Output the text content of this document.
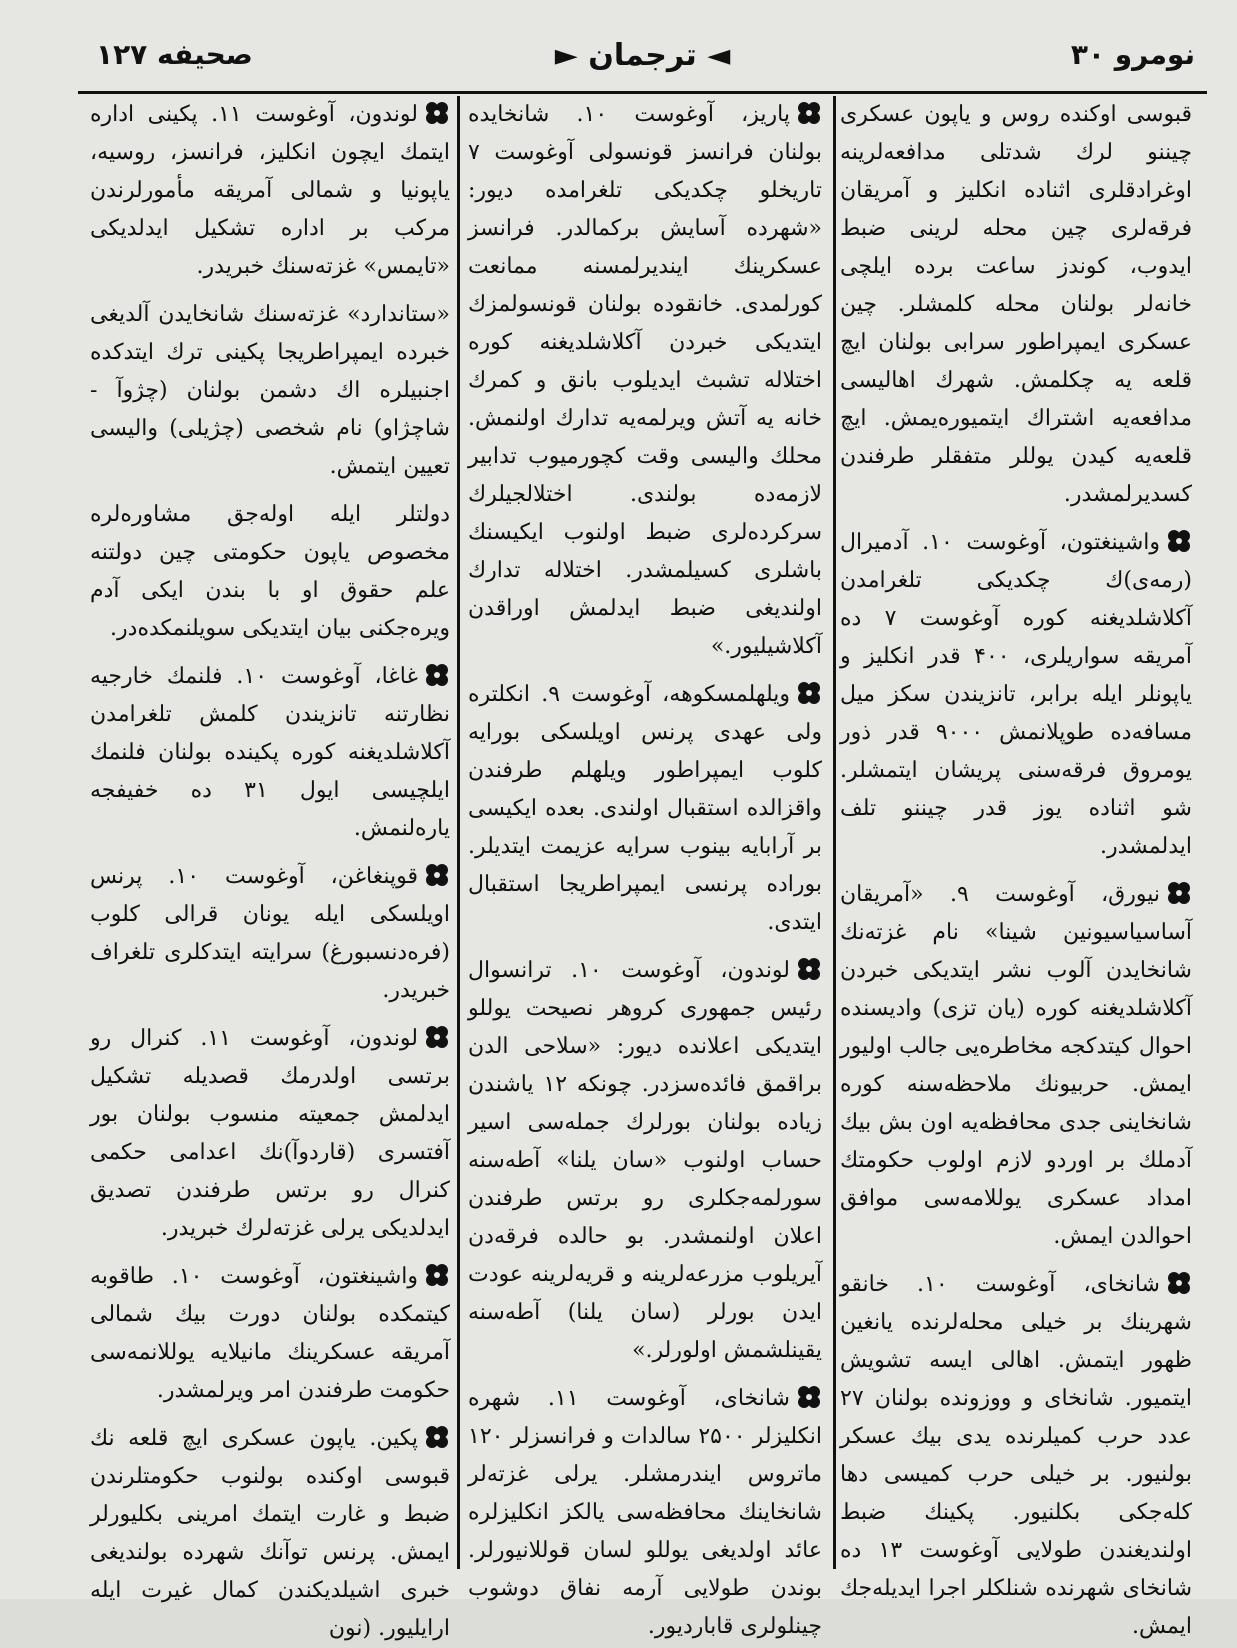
صحيفه ۱۲۷	◄ ترجمان ►	نومرو ۳۰

قبوسی اوکنده روس و یاپون عسکری چیننو لرك شدتلی مدافعه‌لرینه اوغرادقلری اثناده انکلیز و آمریقان فرقه‌لری چین محله لرینی ضبط ایدوب، کوندز ساعت برده ایلچی خانه‌لر بولنان محله کلمشلر. چین عسکری ایمپراطور سرابی بولنان ایچ قلعه یه چکلمش. شهرك اهالیسی مدافعه‌یه اشتراك ایتمیوره‌یمش. ایچ قلعه‌یه کیدن یوللر متفقلر طرفندن کسدیرلمشدر.

واشینغتون، آوغوست ۱۰. آدمیرال (رمه‌ی)ك چکدیکی تلغرامدن آکلاشلدیغنه کوره آوغوست ۷ ده آمریقه سواریلری، ۴۰۰ قدر انکلیز و یاپونلر ایله برابر، تانزیندن سکز میل مسافه‌ده طوپلانمش ۹۰۰۰ قدر ذور یومروق فرقه‌سنی پریشان ایتمشلر. شو اثناده یوز قدر چیننو تلف ایدلمشدر.

نیورق، آوغوست ۹. «آمریقان آساسیاسیونین شینا» نام غزته‌نك شانخایدن آلوب نشر ایتدیکی خبردن آکلاشلدیغنه کوره (یان تزی) وادیسنده احوال کیتدکجه مخاطره‌یی جالب اولیور ایمش. حربیونك ملاحظه‌سنه کوره شانخاینی جدی محافظه‌یه اون بش بیك آدملك بر اوردو لازم اولوب حکومتك امداد عسکری یوللامه‌سی موافق احوالدن ایمش.

شانخای، آوغوست ۱۰. خانقو شهرینك بر خیلی محله‌لرنده یانغین ظهور ایتمش. اهالی ایسه تشویش ایتمیور. شانخای و ووزونده بولنان ۲۷ عدد حرب کمیلرنده یدی بیك عسکر بولنیور. بر خیلی حرب کمیسی دها کله‌جکی بکلنیور. پکینك ضبط اولندیغندن طولایی آوغوست ۱۳ ده شانخای شهرنده شنلکلر اجرا ایدیله‌جك ایمش.

پاریز، آوغوست ۱۰. شانخایده بولنان فرانسز قونسولی آوغوست ۷ تاریخلو چکدیکی تلغرامده دیور: «شهرده آسایش برکمالدر. فرانسز عسکرینك ایندیرلمسنه ممانعت کورلمدی. خانقوده بولنان قونسولمزك ایتدیکی خبردن آکلاشلدیغنه کوره اختلاله تشبث ایدیلوب بانق و کمرك خانه یه آتش ویرلمه‌یه تدارك اولنمش. محلك والیسی وقت کچورمیوب تدابیر لازمه‌ده بولندی. اختلالجیلرك سرکرده‌لری ضبط اولنوب ایکیسنك باشلری کسیلمشدر. اختلاله تدارك اولندیغی ضبط ایدلمش اوراقدن آکلاشیلیور.»

ویلهلمسکوهه، آوغوست ۹. انکلتره ولی عهدی پرنس اویلسکی بورایه کلوب ایمپراطور ویلهلم طرفندن واقزالده استقبال اولندی. بعده ایکیسی بر آرابایه بینوب سرایه عزیمت ایتدیلر. بوراده پرنسی ایمپراطریجا استقبال ایتدی.

لوندون، آوغوست ۱۰. ترانسوال رئیس جمهوری کروهر نصیحت یوللو ایتدیکی اعلانده دیور: «سلاحی الدن براقمق فائده‌سزدر. چونکه ۱۲ یاشندن زیاده بولنان بورلرك جمله‌سی اسیر حساب اولنوب «سان یلنا» آطه‌سنه سورلمه‌جکلری رو برتس طرفندن اعلان اولنمشدر. بو حالده فرقه‌دن آیریلوب مزرعه‌لرینه و قریه‌لرینه عودت ایدن بورلر (سان یلنا) آطه‌سنه یقینلشمش اولورلر.»

شانخای، آوغوست ۱۱. شهره انکلیزلر ۲۵۰۰ سالدات و فرانسزلر ۱۲۰ ماتروس ایندرمشلر. یرلی غزته‌لر شانخاینك محافظه‌سی یالکز انکلیزلره عائد اولدیغی یوللو لسان قوللانیورلر. بوندن طولایی آرمه نفاق دوشوب چینلولری قاباردیور.

لوندون، آوغوست ۱۱. پکینی اداره ایتمك ایچون انکلیز، فرانسز، روسیه، یاپونیا و شمالی آمریقه مأمورلرندن مرکب بر اداره تشکیل ایدلدیکی «تایمس» غزته‌سنك خبریدر.

«ستاندارد» غزته‌سنك شانخایدن آلدیغی خبرده ایمپراطریجا پکینی ترك ایتدکده اجنبیلره اك دشمن بولنان (چژوآ - شاچژاو) نام شخصی (چژیلی) والیسی تعیین ایتمش.

دولتلر ایله اوله‌جق مشاوره‌لره مخصوص یاپون حکومتی چین دولتنه علم حقوق او با بندن ایکی آدم ویره‌جکنی بیان ایتدیکی سویلنمکده‌در.

غاغا، آوغوست ۱۰. فلنمك خارجیه نظارتنه تانزیندن کلمش تلغرامدن آکلاشلدیغنه کوره پکینده بولنان فلنمك ایلچیسی ایول ۳۱ ده خفیفجه یاره‌لنمش.

قوپنغاغن، آوغوست ۱۰. پرنس اویلسکی ایله یونان قرالی کلوب (فره‌دنسبورغ) سرایته ایتدکلری تلغراف خبریدر.

لوندون، آوغوست ۱۱. کنرال رو برتسی اولدرمك قصدیله تشکیل ایدلمش جمعیته منسوب بولنان بور آفتسری (قاردوآ)نك اعدامی حکمی کنرال رو برتس طرفندن تصدیق ایدلدیکی یرلی غزته‌لرك خبریدر.

واشینغتون، آوغوست ۱۰. طاقوبه کیتمکده بولنان دورت بیك شمالی آمریقه عسکرینك مانیلایه یوللانمه‌سی حکومت طرفندن امر ویرلمشدر.

پکین. یاپون عسکری ایچ قلعه نك قبوسی اوکنده بولنوب حکومتلرندن ضبط و غارت ایتمك امرینی بکلیورلر ایمش. پرنس توآنك شهرده بولندیغی خبری اشیلدیکندن کمال غیرت ایله ارایلیور. (نون
